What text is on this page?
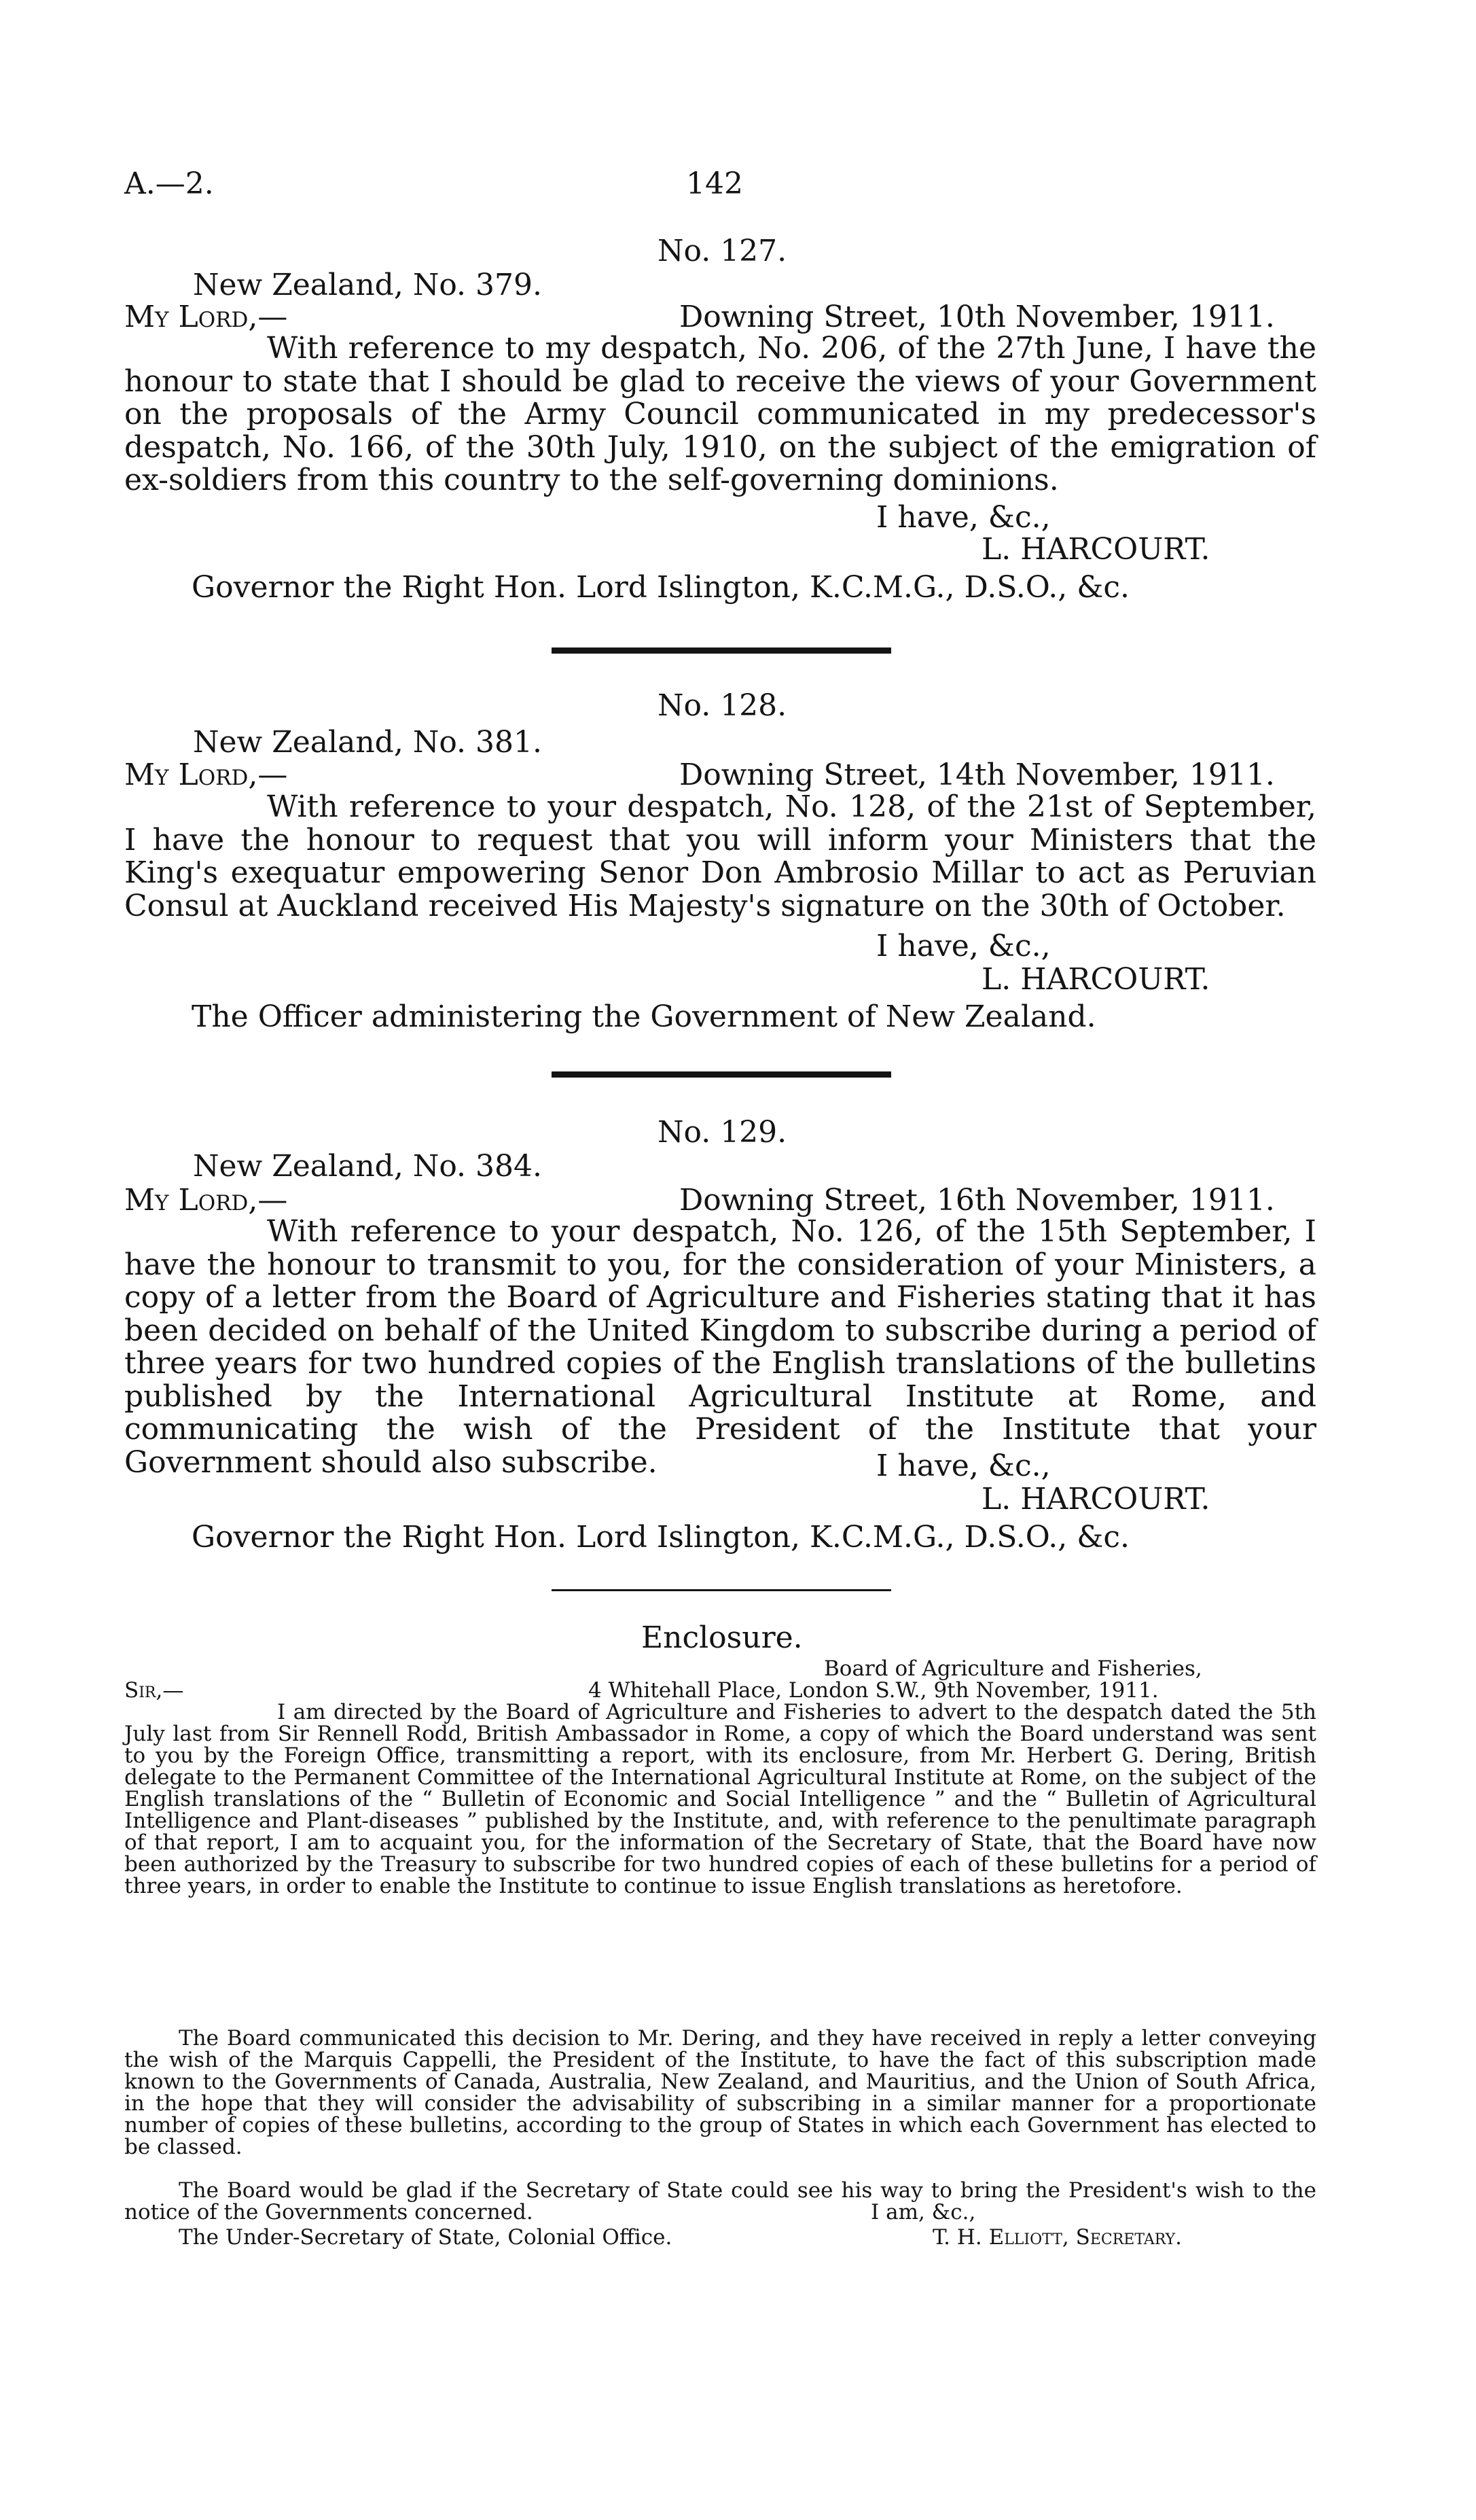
A.—2.	142
No. 127.
New Zealand, No. 379.
My Lord,—	Downing Street, 10th November, 1911.
With reference to my despatch, No. 206, of the 27th June, I have the honour to state that I should be glad to receive the views of your Government on the proposals of the Army Council communicated in my predecessor's despatch, No. 166, of the 30th July, 1910, on the subject of the emigration of ex-soldiers from this country to the self-governing dominions.
I have, &c.,
L. HARCOURT.
Governor the Right Hon. Lord Islington, K.C.M.G., D.S.O., &c.
No. 128.
New Zealand, No. 381.
My Lord,—	Downing Street, 14th November, 1911.
With reference to your despatch, No. 128, of the 21st of September, I have the honour to request that you will inform your Ministers that the King's exequatur empowering Senor Don Ambrosio Millar to act as Peruvian Consul at Auckland received His Majesty's signature on the 30th of October.
I have, &c.,
L. HARCOURT.
The Officer administering the Government of New Zealand.
No. 129.
New Zealand, No. 384.
My Lord,—	Downing Street, 16th November, 1911.
With reference to your despatch, No. 126, of the 15th September, I have the honour to transmit to you, for the consideration of your Ministers, a copy of a letter from the Board of Agriculture and Fisheries stating that it has been decided on behalf of the United Kingdom to subscribe during a period of three years for two hundred copies of the English translations of the bulletins published by the International Agricultural Institute at Rome, and communicating the wish of the President of the Institute that your Government should also subscribe.	I have, &c.,
L. HARCOURT.
Governor the Right Hon. Lord Islington, K.C.M.G., D.S.O., &c.
Enclosure.
Board of Agriculture and Fisheries,
Sir,—	4 Whitehall Place, London S.W., 9th November, 1911.
I am directed by the Board of Agriculture and Fisheries to advert to the despatch dated the 5th July last from Sir Rennell Rodd, British Ambassador in Rome, a copy of which the Board understand was sent to you by the Foreign Office, transmitting a report, with its enclosure, from Mr. Herbert G. Dering, British delegate to the Permanent Committee of the International Agricultural Institute at Rome, on the subject of the English translations of the “ Bulletin of Economic and Social Intelligence ” and the “ Bulletin of Agricultural Intelligence and Plant-diseases ” published by the Institute, and, with reference to the penultimate paragraph of that report, I am to acquaint you, for the information of the Secretary of State, that the Board have now been authorized by the Treasury to subscribe for two hundred copies of each of these bulletins for a period of three years, in order to enable the Institute to continue to issue English translations as heretofore.
The Board communicated this decision to Mr. Dering, and they have received in reply a letter conveying the wish of the Marquis Cappelli, the President of the Institute, to have the fact of this subscription made known to the Governments of Canada, Australia, New Zealand, and Mauritius, and the Union of South Africa, in the hope that they will consider the advisability of subscribing in a similar manner for a proportionate number of copies of these bulletins, according to the group of States in which each Government has elected to be classed.
The Board would be glad if the Secretary of State could see his way to bring the President's wish to the notice of the Governments concerned.	I am, &c.,
The Under-Secretary of State, Colonial Office.	T. H. Elliott, Secretary.
